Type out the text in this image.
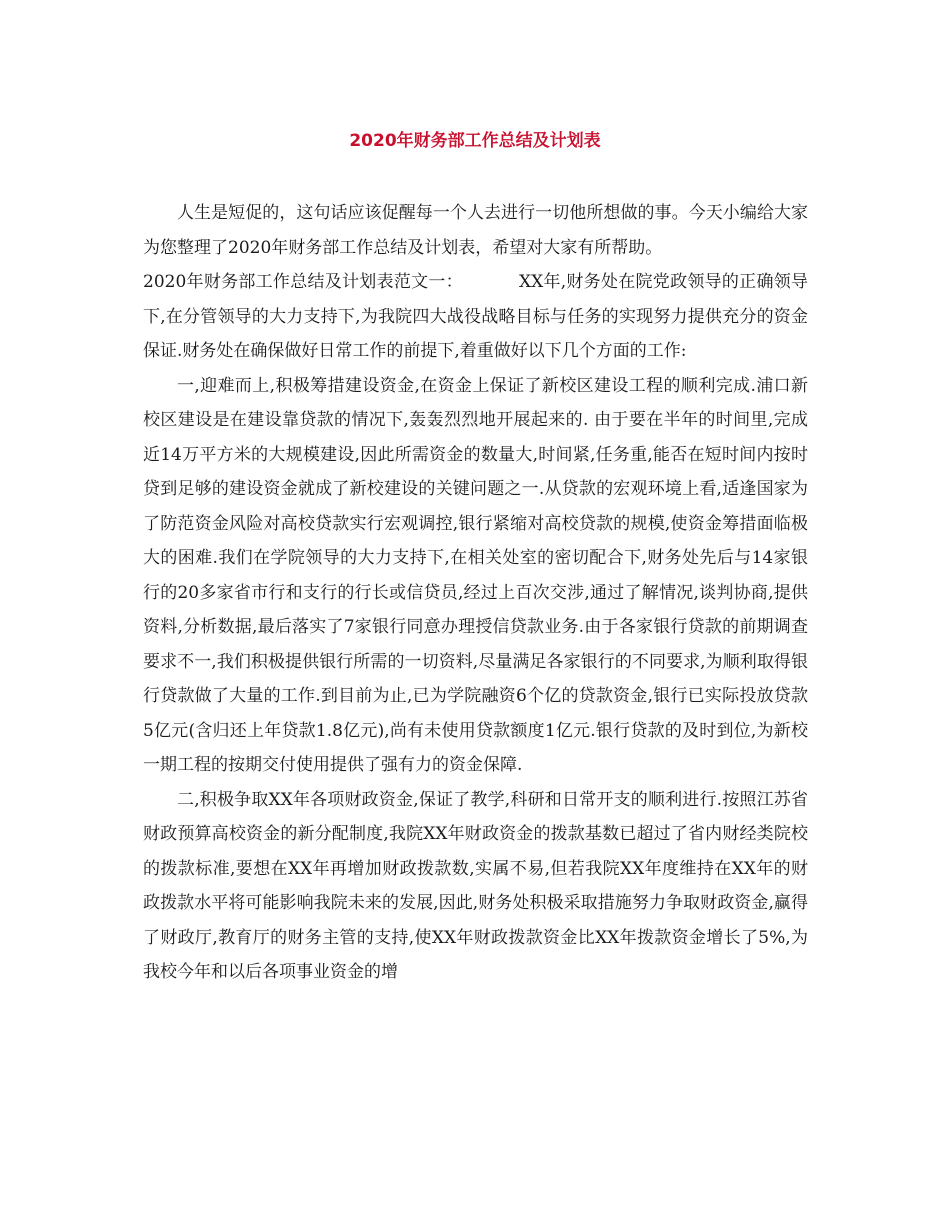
2020年财务部工作总结及计划表

人生是短促的，这句话应该促醒每一个人去进行一切他所想做的事。今天小编给大家为您整理了2020年财务部工作总结及计划表，希望对大家有所帮助。
2020年财务部工作总结及计划表范文一：	XX年,财务处在院党政领导的正确领导下,在分管领导的大力支持下,为我院四大战役战略目标与任务的实现努力提供充分的资金保证.财务处在确保做好日常工作的前提下,着重做好以下几个方面的工作:

一,迎难而上,积极筹措建设资金,在资金上保证了新校区建设工程的顺利完成.浦口新校区建设是在建设靠贷款的情况下,轰轰烈烈地开展起来的. 由于要在半年的时间里,完成近14万平方米的大规模建设,因此所需资金的数量大,时间紧,任务重,能否在短时间内按时贷到足够的建设资金就成了新校建设的关键问题之一.从贷款的宏观环境上看,适逢国家为了防范资金风险对高校贷款实行宏观调控,银行紧缩对高校贷款的规模,使资金筹措面临极大的困难.我们在学院领导的大力支持下,在相关处室的密切配合下,财务处先后与14家银行的20多家省市行和支行的行长或信贷员,经过上百次交涉,通过了解情况,谈判协商,提供资料,分析数据,最后落实了7家银行同意办理授信贷款业务.由于各家银行贷款的前期调查要求不一,我们积极提供银行所需的一切资料,尽量满足各家银行的不同要求,为顺利取得银行贷款做了大量的工作.到目前为止,已为学院融资6个亿的贷款资金,银行已实际投放贷款5亿元(含归还上年贷款1.8亿元),尚有未使用贷款额度1亿元.银行贷款的及时到位,为新校一期工程的按期交付使用提供了强有力的资金保障.

二,积极争取XX年各项财政资金,保证了教学,科研和日常开支的顺利进行.按照江苏省财政预算高校资金的新分配制度,我院XX年财政资金的拨款基数已超过了省内财经类院校的拨款标准,要想在XX年再增加财政拨款数,实属不易,但若我院XX年度维持在XX年的财政拨款水平将可能影响我院未来的发展,因此,财务处积极采取措施努力争取财政资金,赢得了财政厅,教育厅的财务主管的支持,使XX年财政拨款资金比XX年拨款资金增长了5%,为我校今年和以后各项事业资金的增
